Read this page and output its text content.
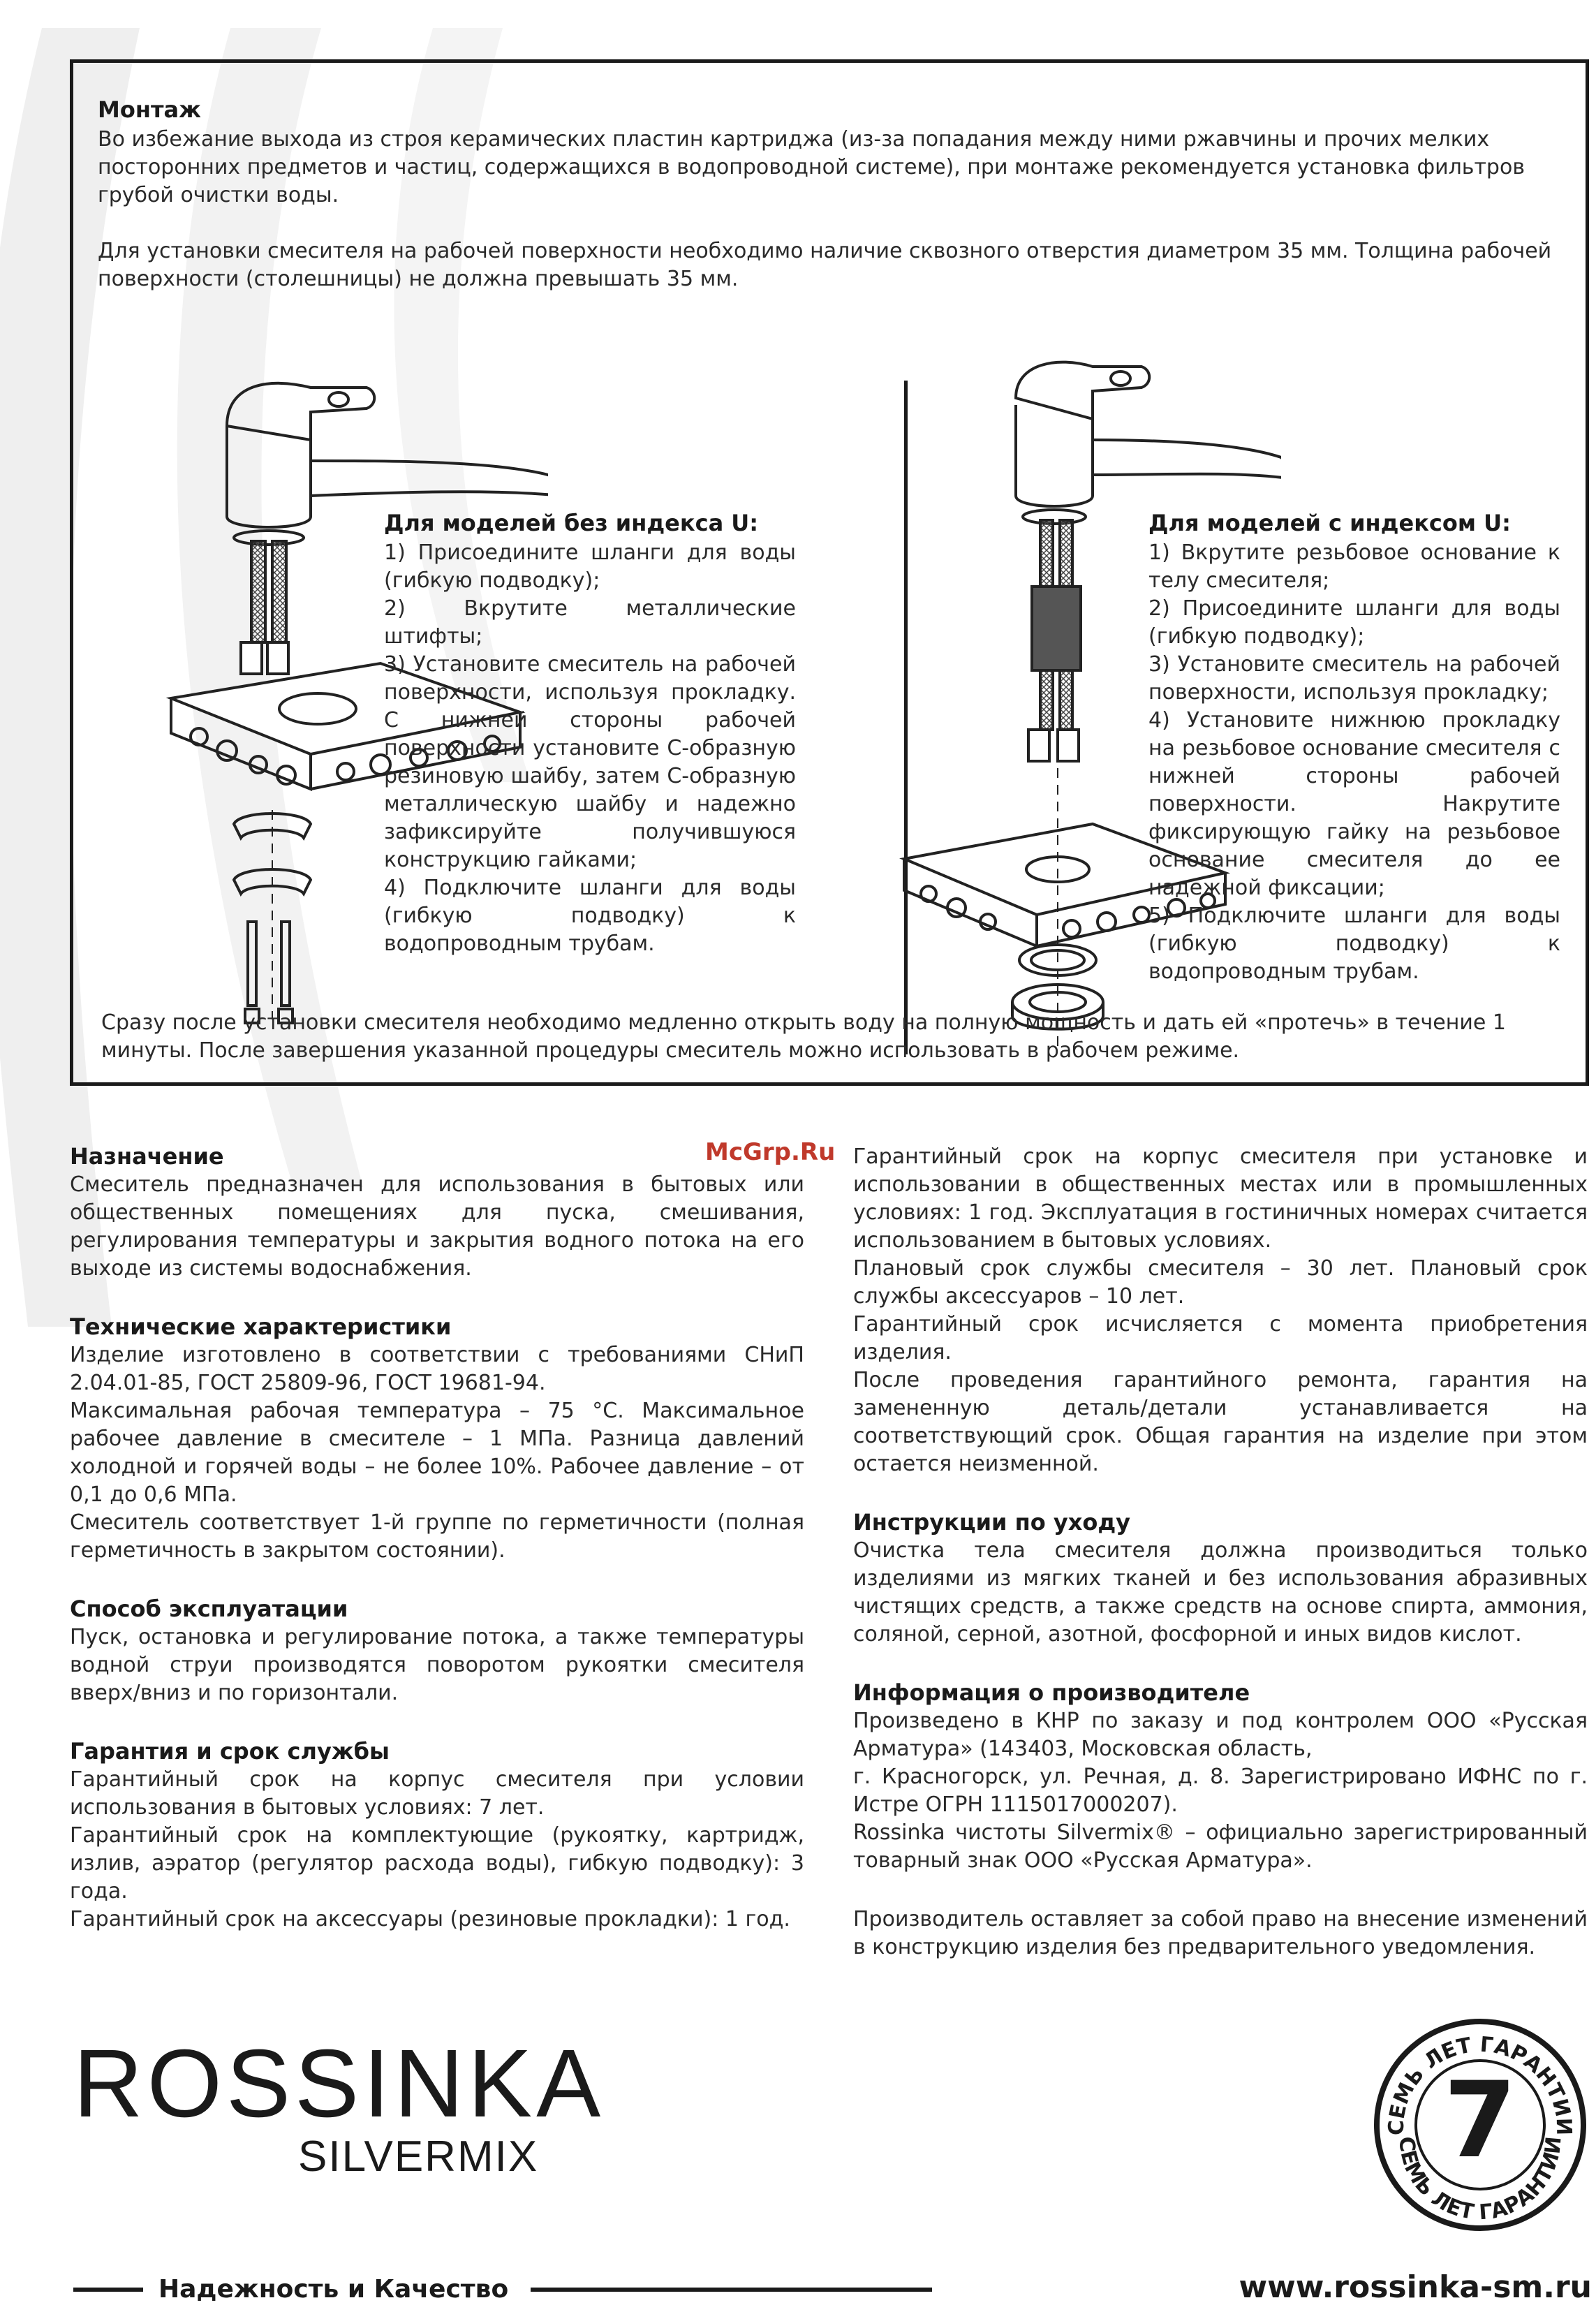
Монтаж

Во избежание выхода из строя керамических пластин картриджа (из-за попадания между ними ржавчины и прочих мелких посторонних предметов и частиц, содержащихся в водопроводной системе), при монтаже рекомендуется установка фильтров грубой очистки воды.

Для установки смесителя на рабочей поверхности необходимо наличие сквозного отверстия диаметром 35 мм. Толщина рабочей поверхности (столешницы) не должна превышать 35 мм.

Для моделей без индекса U:

1) Присоедините шланги для воды (гибкую подводку);

2) Вкрутите металлические штифты;

3) Установите смеситель на рабочей поверхности, используя прокладку. С нижней стороны рабочей поверхности установите С-образную резиновую шайбу, затем С-образную металлическую шайбу и надежно зафиксируйте получившуюся конструкцию гайками;

4) Подключите шланги для воды (гибкую подводку) к водопроводным трубам.

Для моделей с индексом U:

1) Вкрутите резьбовое основание к телу смесителя;

2) Присоедините шланги для воды (гибкую подводку);

3) Установите смеситель на рабочей поверхности, используя прокладку;

4) Установите нижнюю прокладку на резьбовое основание смесителя с нижней стороны рабочей поверхности. Накрутите фиксирующую гайку на резьбовое основание смесителя до ее надежной фиксации;

5) Подключите шланги для воды (гибкую подводку) к водопроводным трубам.

Сразу после установки смесителя необходимо медленно открыть воду на полную мощность и дать ей «протечь» в течение 1 минуты. После завершения указанной процедуры смеситель можно использовать в рабочем режиме.

McGrp.Ru
Назначение

Смеситель предназначен для использования в бытовых или общественных помещениях для пуска, смешивания, регулирования температуры и закрытия водного потока на его выходе из системы водоснабжения.

Технические характеристики

Изделие изготовлено в соответствии с требованиями СНиП 2.04.01-85, ГОСТ 25809-96, ГОСТ 19681-94.

Максимальная рабочая температура – 75 °С. Максимальное рабочее давление в смесителе – 1 МПа. Разница давлений холодной и горячей воды – не более 10%. Рабочее давление – от 0,1 до 0,6 МПа.

Смеситель соответствует 1-й группе по герметичности (полная герметичность в закрытом состоянии).

Способ эксплуатации

Пуск, остановка и регулирование потока, а также температуры водной струи производятся поворотом рукоятки смесителя вверх/вниз и по горизонтали.

Гарантия и срок службы

Гарантийный срок на корпус смесителя при условии использования в бытовых условиях: 7 лет.

Гарантийный срок на комплектующие (рукоятку, картридж, излив, аэратор (регулятор расхода воды), гибкую подводку): 3 года.

Гарантийный срок на аксессуары (резиновые прокладки): 1 год.

Гарантийный срок на корпус смесителя при установке и использовании в общественных местах или в промышленных условиях: 1 год. Эксплуатация в гостиничных номерах считается использованием в бытовых условиях.

Плановый срок службы смесителя – 30 лет. Плановый срок службы аксессуаров – 10 лет.

Гарантийный срок исчисляется с момента приобретения изделия.

После проведения гарантийного ремонта, гарантия на замененную деталь/детали устанавливается на соответствующий срок. Общая гарантия на изделие при этом остается неизменной.

Инструкции по уходу

Очистка тела смесителя должна производиться только изделиями из мягких тканей и без использования абразивных чистящих средств, а также средств на основе спирта, аммония, соляной, серной, азотной, фосфорной и иных видов кислот.

Информация о производителе

Произведено в КНР по заказу и под контролем ООО «Русская Арматура» (143403, Московская область,

г. Красногорск, ул. Речная, д. 8. Зарегистрировано ИФНС по г. Истре ОГРН 1115017000207).

Rossinka чистоты Silvermix® – официально зарегистрированный товарный знак ООО «Русская Арматура».

Производитель оставляет за собой право на внесение изменений в конструкцию изделия без предварительного уведомления.

ROSSINKA
SILVERMIX
СЕМЬ ЛЕТ ГАРАНТИИ
СЕМЬ ЛЕТ ГАРАНТИИ
7
Надежность и Качество	www.rossinka-sm.ru
